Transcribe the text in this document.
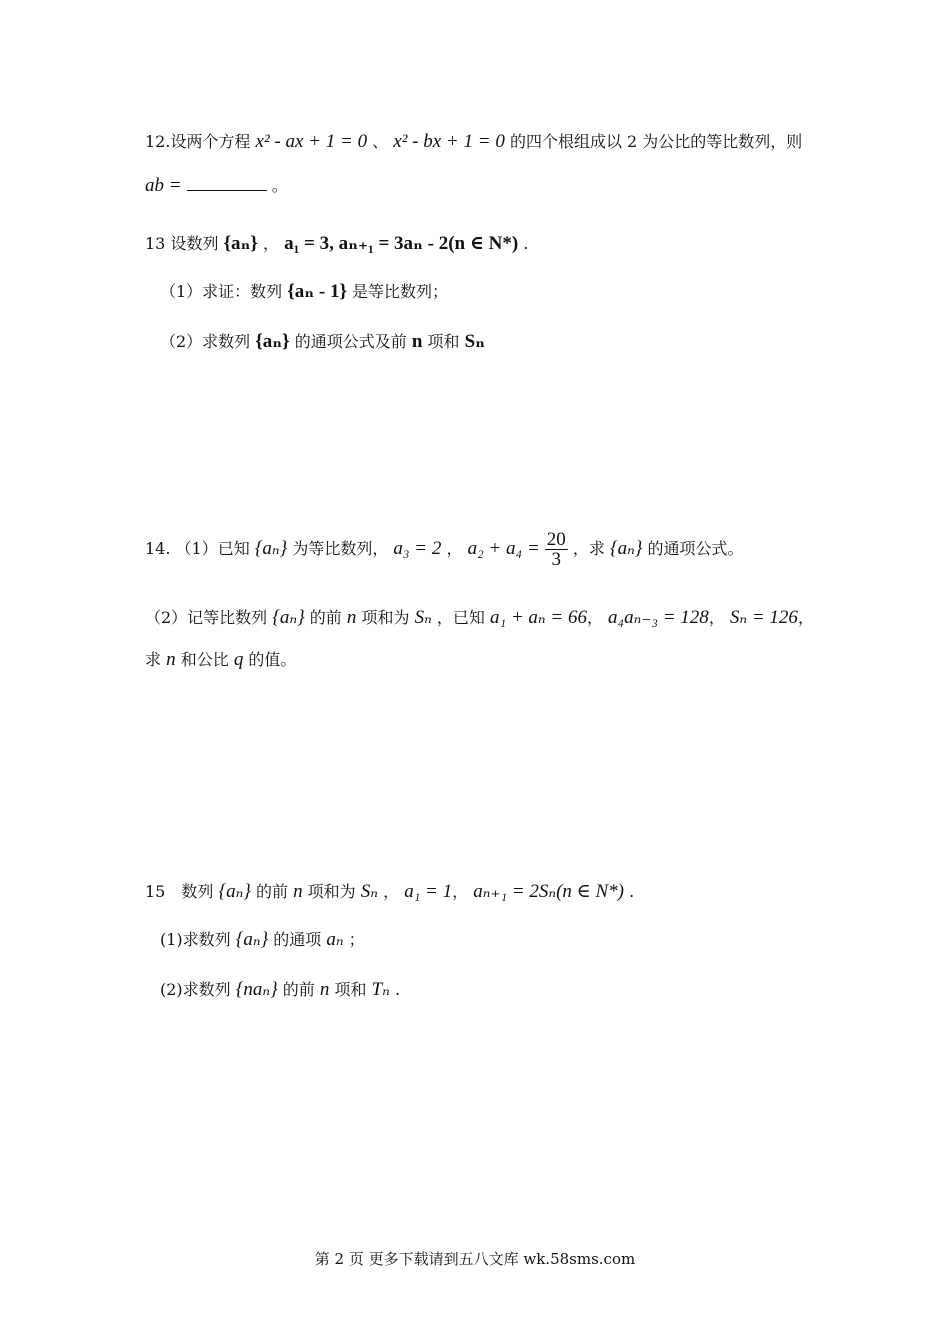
12.设两个方程 x² - ax + 1 = 0 、 x² - bx + 1 = 0 的四个根组成以 2 为公比的等比数列，则
ab =	。
13 设数列 {aₙ} ， a₁ = 3, aₙ₊₁ = 3aₙ - 2(n ∈ N*) .
（1）求证：数列 {aₙ - 1} 是等比数列；
（2）求数列 {aₙ} 的通项公式及前 n 项和 Sₙ
14. （1）已知 {aₙ} 为等比数列， a₃ = 2 ， $a_2 + a_4 = \frac{20}{3}$ ，求 {aₙ} 的通项公式。
（2）记等比数列 {aₙ} 的前 n 项和为 Sₙ ，已知 a₁ + aₙ = 66， a₄aₙ₋₃ = 128， Sₙ = 126，
求 n 和公比 q 的值。
15　数列 {aₙ} 的前 n 项和为 Sₙ ， a₁ = 1， aₙ₊₁ = 2Sₙ(n ∈ N*) .
(1)求数列 {aₙ} 的通项 aₙ ；
(2)求数列 {naₙ} 的前 n 项和 Tₙ .
第 2 页 更多下载请到五八文库 wk.58sms.com
